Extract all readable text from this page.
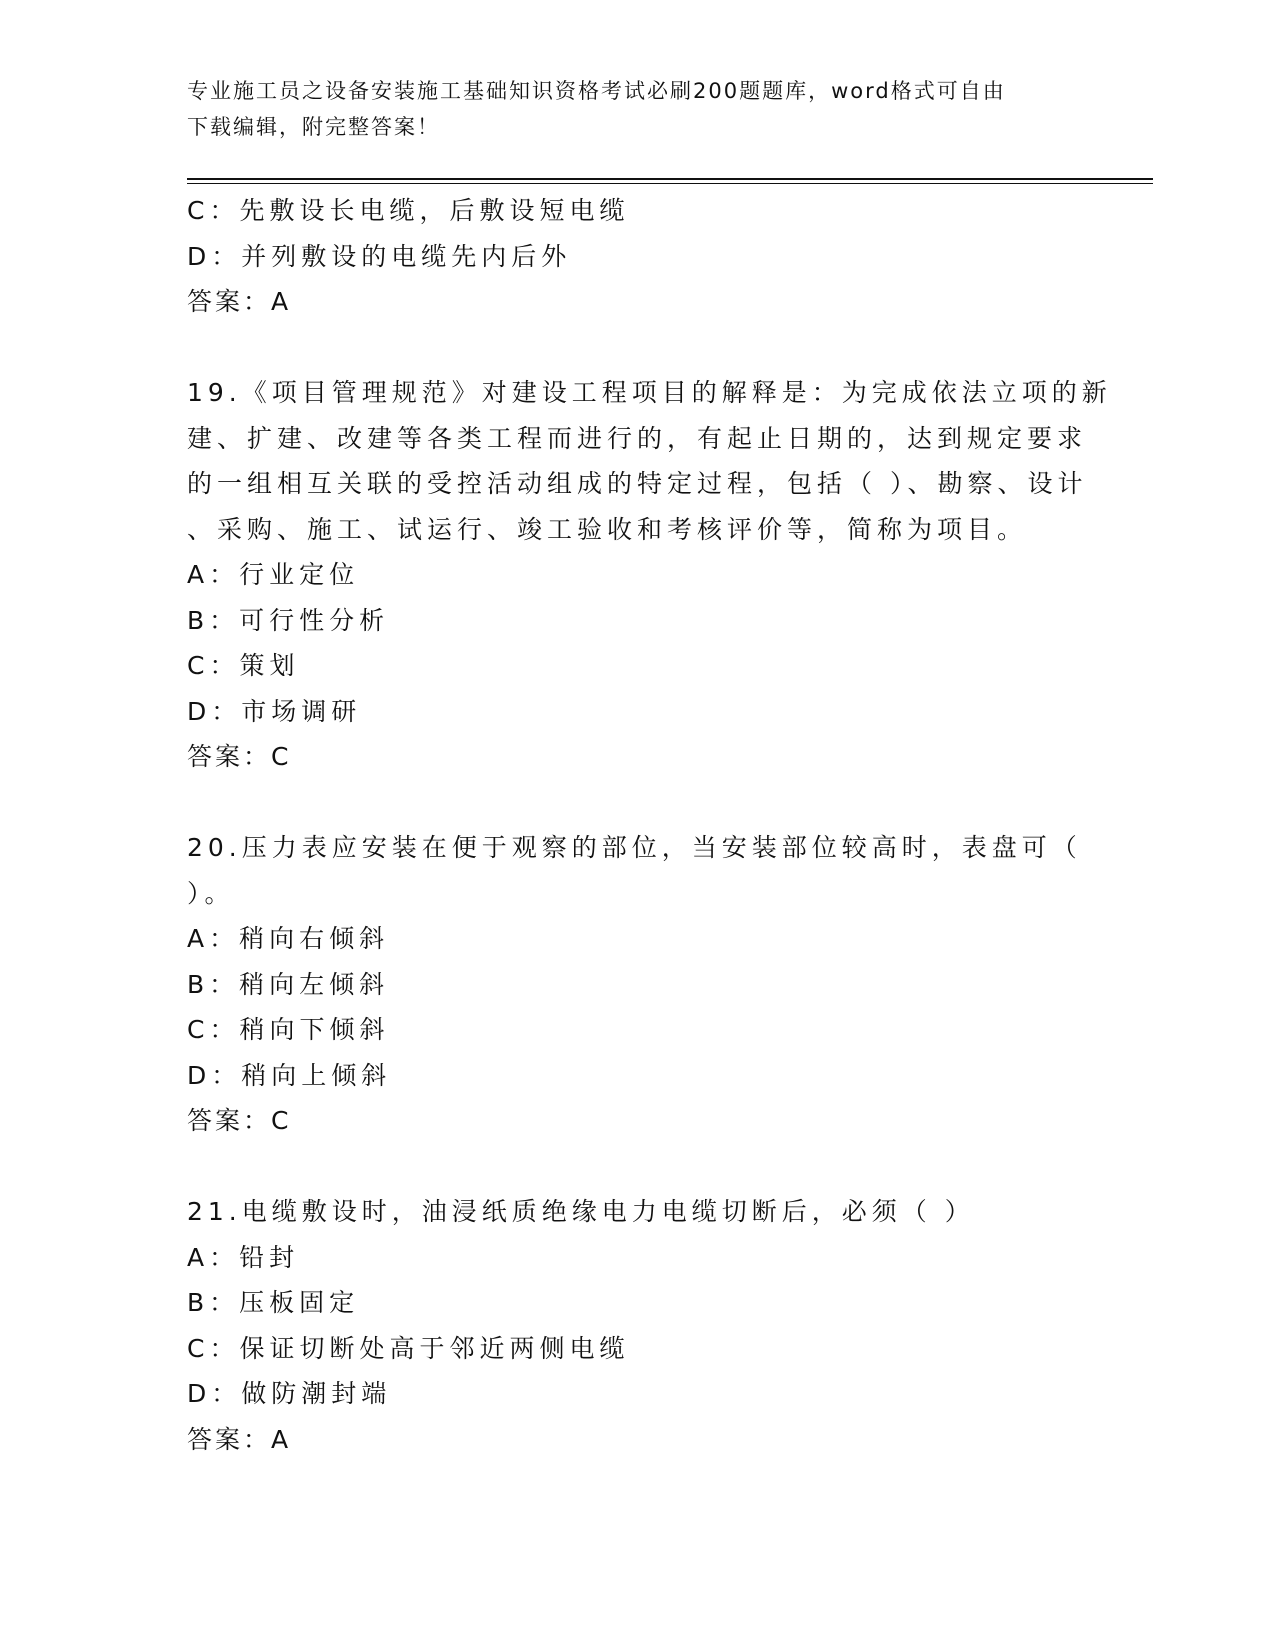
专业施工员之设备安装施工基础知识资格考试必刷200题题库，word格式可自由
下载编辑，附完整答案！
C：先敷设长电缆，后敷设短电缆
D：并列敷设的电缆先内后外
答案：A
19.《项目管理规范》对建设工程项目的解释是：为完成依法立项的新
建、扩建、改建等各类工程而进行的，有起止日期的，达到规定要求
的一组相互关联的受控活动组成的特定过程，包括（ ）、勘察、设计
、采购、施工、试运行、竣工验收和考核评价等，简称为项目。
A：行业定位
B：可行性分析
C：策划
D：市场调研
答案：C
20.压力表应安装在便于观察的部位，当安装部位较高时，表盘可（
）。
A：稍向右倾斜
B：稍向左倾斜
C：稍向下倾斜
D：稍向上倾斜
答案：C
21.电缆敷设时，油浸纸质绝缘电力电缆切断后，必须（ ）
A：铅封
B：压板固定
C：保证切断处高于邻近两侧电缆
D：做防潮封端
答案：A
